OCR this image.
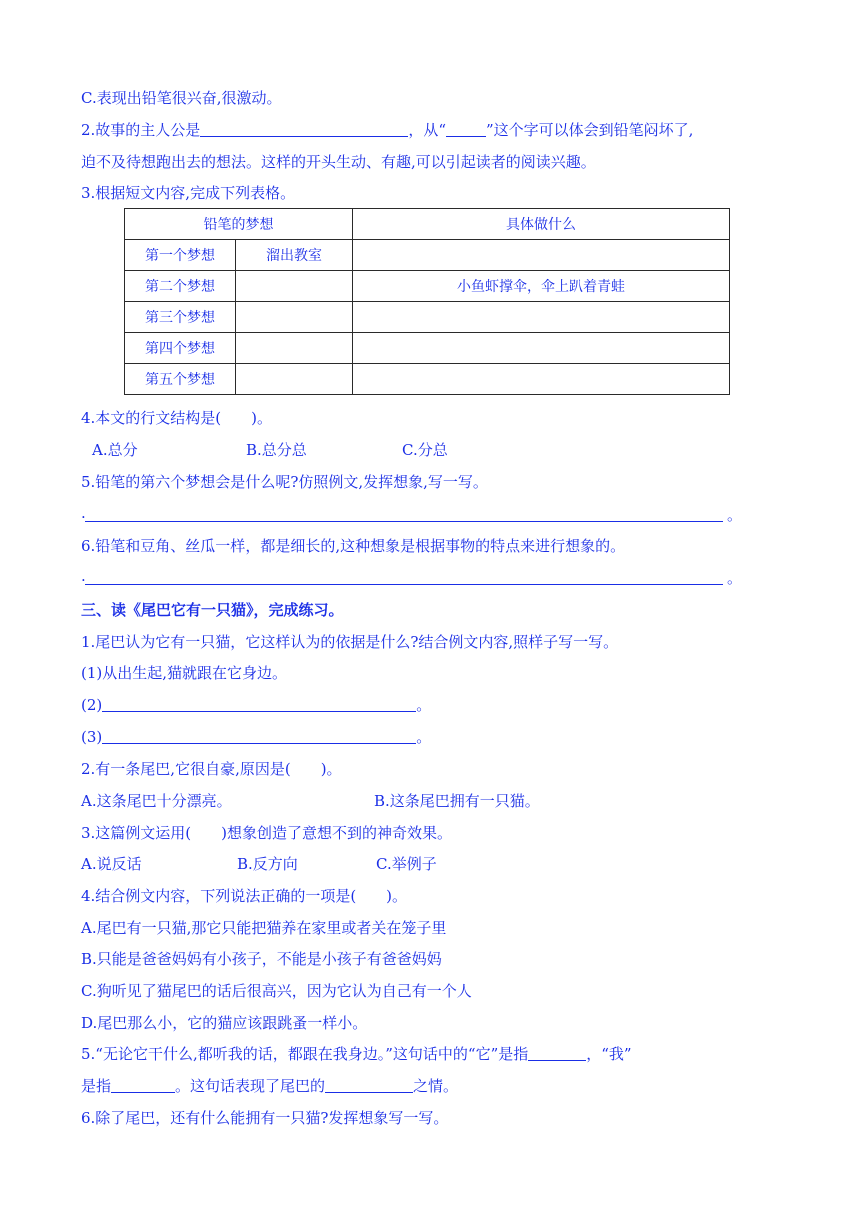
C.表现出铅笔很兴奋,很激动。
2.故事的主人公是	，从“	”这个字可以体会到铅笔闷坏了,
迫不及待想跑出去的想法。这样的开头生动、有趣,可以引起读者的阅读兴趣。
3.根据短文内容,完成下列表格。
铅笔的梦想		具体做什么
第一个梦想	溜出教室	
第二个梦想		小鱼虾撑伞，伞上趴着青蛙
第三个梦想		
第四个梦想		
第五个梦想		
4.本文的行文结构是(　　)。
A.总分	B.总分总	C.分总
5.铅笔的第六个梦想会是什么呢?仿照例文,发挥想象,写一写。
.	。
6.铅笔和豆角、丝瓜一样，都是细长的,这种想象是根据事物的特点来进行想象的。
.	。
三、读《尾巴它有一只猫》，完成练习。
1.尾巴认为它有一只猫，它这样认为的依据是什么?结合例文内容,照样子写一写。
(1)从出生起,猫就跟在它身边。
(2)	。
(3)	。
2.有一条尾巴,它很自豪,原因是(　　)。
A.这条尾巴十分漂亮。	B.这条尾巴拥有一只猫。
3.这篇例文运用(　　)想象创造了意想不到的神奇效果。
A.说反话	B.反方向	C.举例子
4.结合例文内容，下列说法正确的一项是(　　)。
A.尾巴有一只猫,那它只能把猫养在家里或者关在笼子里
B.只能是爸爸妈妈有小孩子，不能是小孩子有爸爸妈妈
C.狗听见了猫尾巴的话后很高兴，因为它认为自己有一个人
D.尾巴那么小，它的猫应该跟跳蚤一样小。
5.“无论它干什么,都听我的话，都跟在我身边。”这句话中的“它”是指	，“我”
是指	。这句话表现了尾巴的	之情。
6.除了尾巴，还有什么能拥有一只猫?发挥想象写一写。
